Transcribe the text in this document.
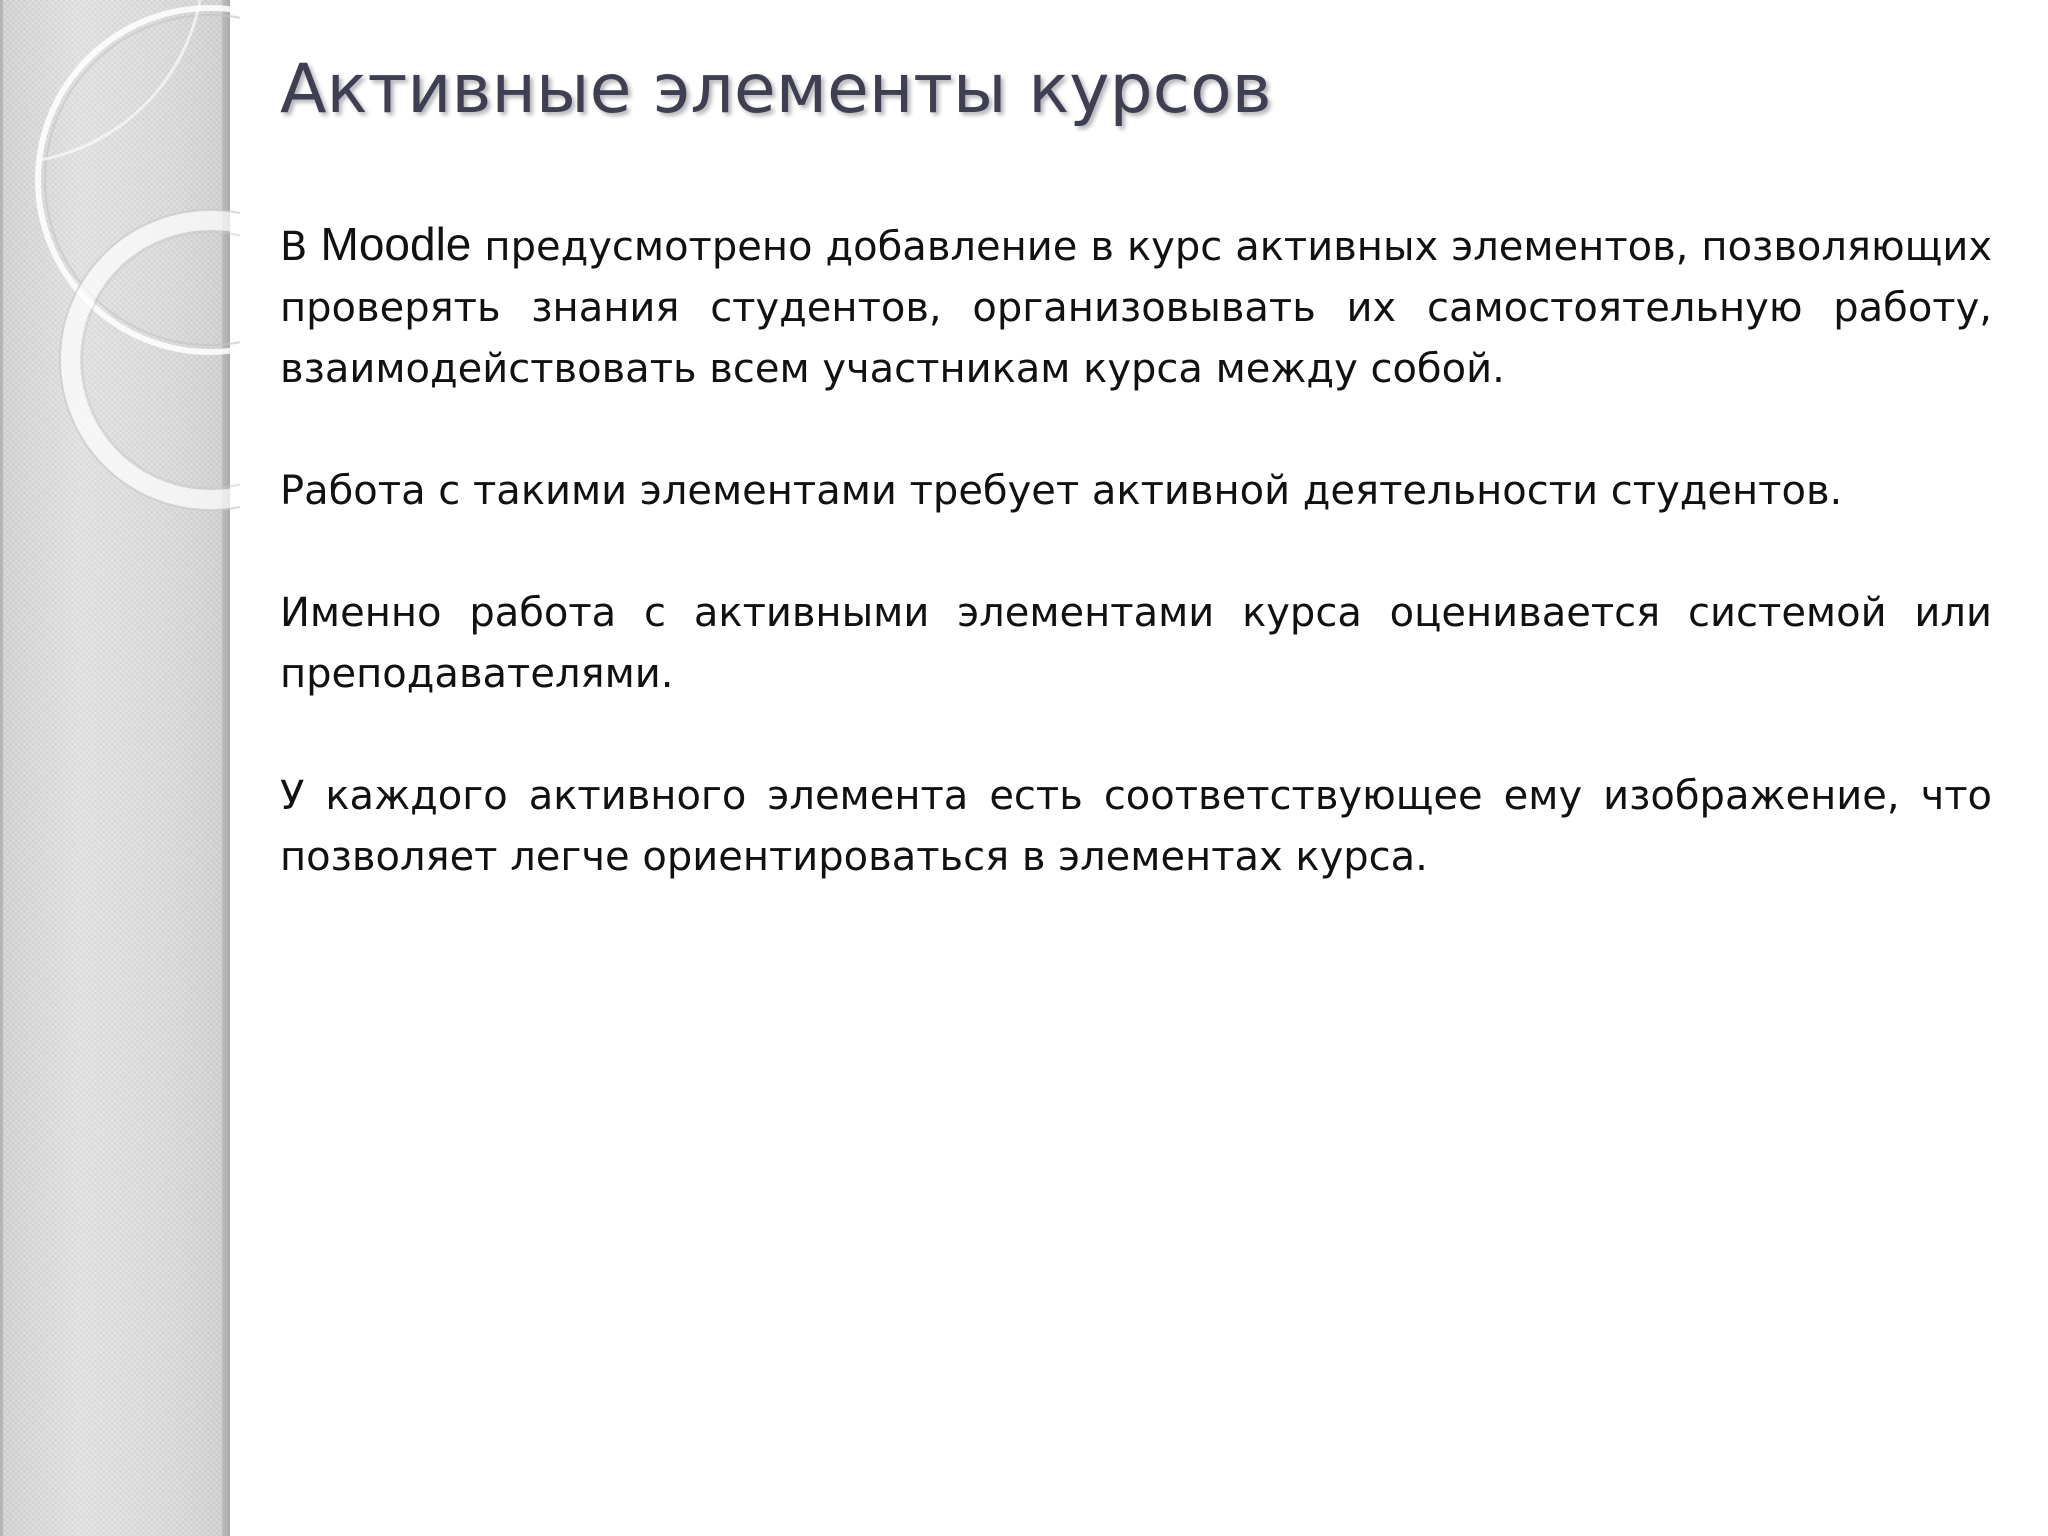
Активные элементы курсов

В Moodle предусмотрено добавление в курс активных элементов, позволяющих проверять знания студентов, организовывать их самостоятельную работу, взаимодействовать всем участникам курса между собой.

Работа с такими элементами требует активной деятельности студентов.

Именно работа с активными элементами курса оценивается системой или преподавателями.

У каждого активного элемента есть соответствующее ему изображение, что позволяет легче ориентироваться в элементах курса.
